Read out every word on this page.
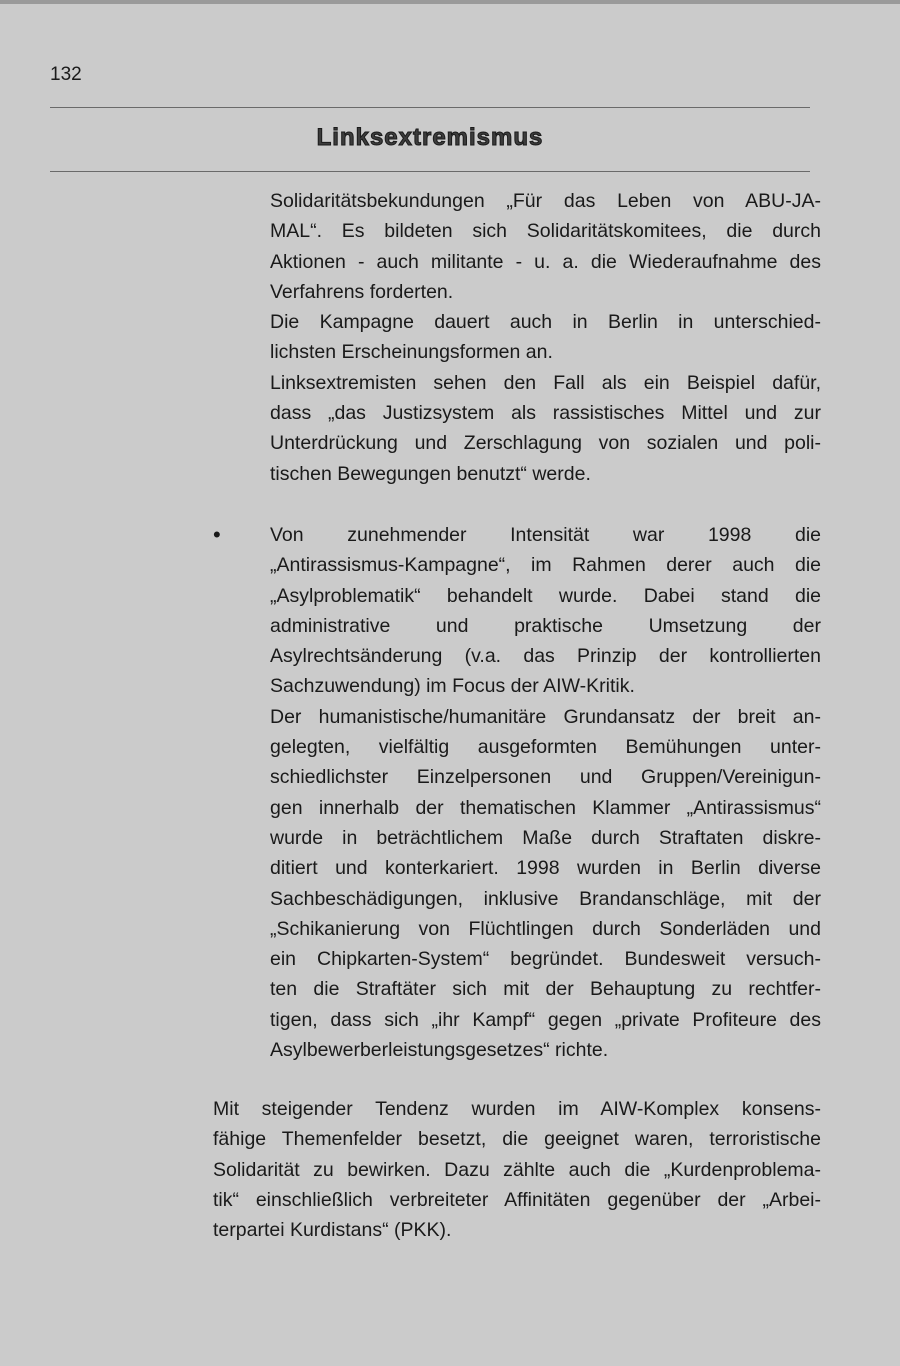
132
Linksextremismus

Solidaritätsbekundungen „Für das Leben von ABU-JA-
MAL“. Es bildeten sich Solidaritätskomitees, die durch
Aktionen - auch militante - u. a. die Wiederaufnahme des
Verfahrens forderten.

Die Kampagne dauert auch in Berlin in unterschied-
lichsten Erscheinungsformen an.

Linksextremisten sehen den Fall als ein Beispiel dafür,
dass „das Justizsystem als rassistisches Mittel und zur
Unterdrückung und Zerschlagung von sozialen und poli-
tischen Bewegungen benutzt“ werde.

•	Von zunehmender Intensität war 1998 die
„Antirassismus-Kampagne“, im Rahmen derer auch die
„Asylproblematik“ behandelt wurde. Dabei stand die
administrative und praktische Umsetzung der
Asylrechtsänderung (v.a. das Prinzip der kontrollierten
Sachzuwendung) im Focus der AIW-Kritik.

Der humanistische/humanitäre Grundansatz der breit an-
gelegten, vielfältig ausgeformten Bemühungen unter-
schiedlichster Einzelpersonen und Gruppen/Vereinigun-
gen innerhalb der thematischen Klammer „Antirassismus“
wurde in beträchtlichem Maße durch Straftaten diskre-
ditiert und konterkariert. 1998 wurden in Berlin diverse
Sachbeschädigungen, inklusive Brandanschläge, mit der
„Schikanierung von Flüchtlingen durch Sonderläden und
ein Chipkarten-System“ begründet. Bundesweit versuch-
ten die Straftäter sich mit der Behauptung zu rechtfer-
tigen, dass sich „ihr Kampf“ gegen „private Profiteure des
Asylbewerberleistungsgesetzes“ richte.

Mit steigender Tendenz wurden im AIW-Komplex konsens-
fähige Themenfelder besetzt, die geeignet waren, terroristische
Solidarität zu bewirken. Dazu zählte auch die „Kurdenproblema-
tik“ einschließlich verbreiteter Affinitäten gegenüber der „Arbei-
terpartei Kurdistans“ (PKK).
